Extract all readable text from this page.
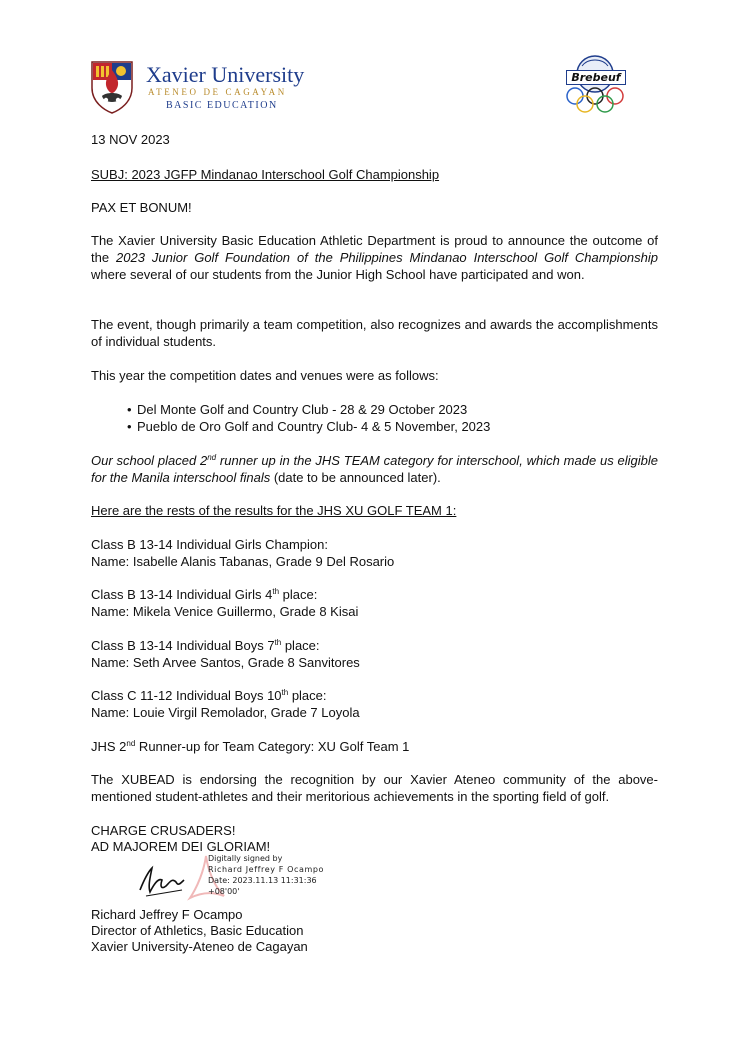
Xavier University
ATENEO DE CAGAYAN
BASIC EDUCATION
Brebeuf

13 NOV 2023

SUBJ: 2023 JGFP Mindanao Interschool Golf Championship

PAX ET BONUM!

The Xavier University Basic Education Athletic Department is proud to announce the outcome of the 2023 Junior Golf Foundation of the Philippines Mindanao Interschool Golf Championship where several of our students from the Junior High School have participated and won.

The event, though primarily a team competition, also recognizes and awards the accomplishments of individual students.

This year the competition dates and venues were as follows:

• Del Monte Golf and Country Club - 28 & 29 October 2023
• Pueblo de Oro Golf and Country Club- 4 & 5 November, 2023

Our school placed 2nd runner up in the JHS TEAM category for interschool, which made us eligible for the Manila interschool finals (date to be announced later).

Here are the rests of the results for the JHS XU GOLF TEAM 1:

Class B 13-14 Individual Girls Champion:
Name: Isabelle Alanis Tabanas, Grade 9 Del Rosario

Class B 13-14 Individual Girls 4th place:
Name: Mikela Venice Guillermo, Grade 8 Kisai

Class B 13-14 Individual Boys 7th place:
Name: Seth Arvee Santos, Grade 8 Sanvitores

Class C 11-12 Individual Boys 10th place:
Name: Louie Virgil Remolador, Grade 7 Loyola

JHS 2nd Runner-up for Team Category: XU Golf Team 1

The XUBEAD is endorsing the recognition by our Xavier Ateneo community of the above-mentioned student-athletes and their meritorious achievements in the sporting field of golf.

CHARGE CRUSADERS!

AD MAJOREM DEI GLORIAM!

Digitally signed by
Richard Jeffrey F Ocampo
Date: 2023.11.13 11:31:36
+08'00'

Richard Jeffrey F Ocampo

Director of Athletics, Basic Education

Xavier University-Ateneo de Cagayan
